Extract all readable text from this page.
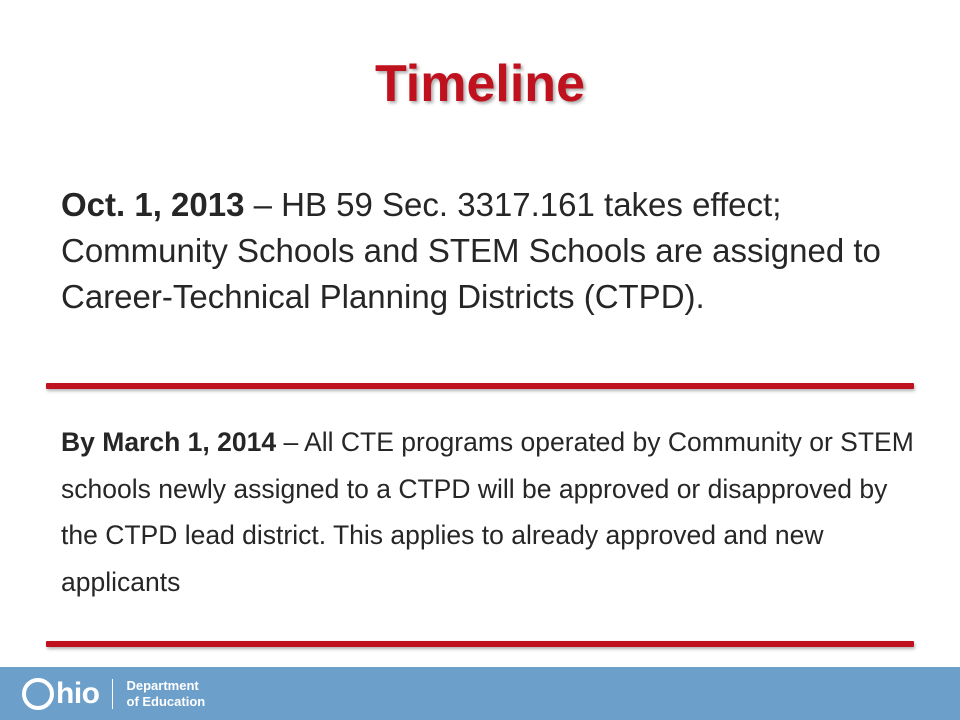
Timeline

Oct. 1, 2013 – HB 59 Sec. 3317.161 takes effect; Community Schools and STEM Schools are assigned to Career-Technical Planning Districts (CTPD).

By March 1, 2014 – All CTE programs operated by Community or STEM schools newly assigned to a CTPD will be approved or disapproved by the CTPD lead district. This applies to already approved and new applicants

hio Department
of Education
